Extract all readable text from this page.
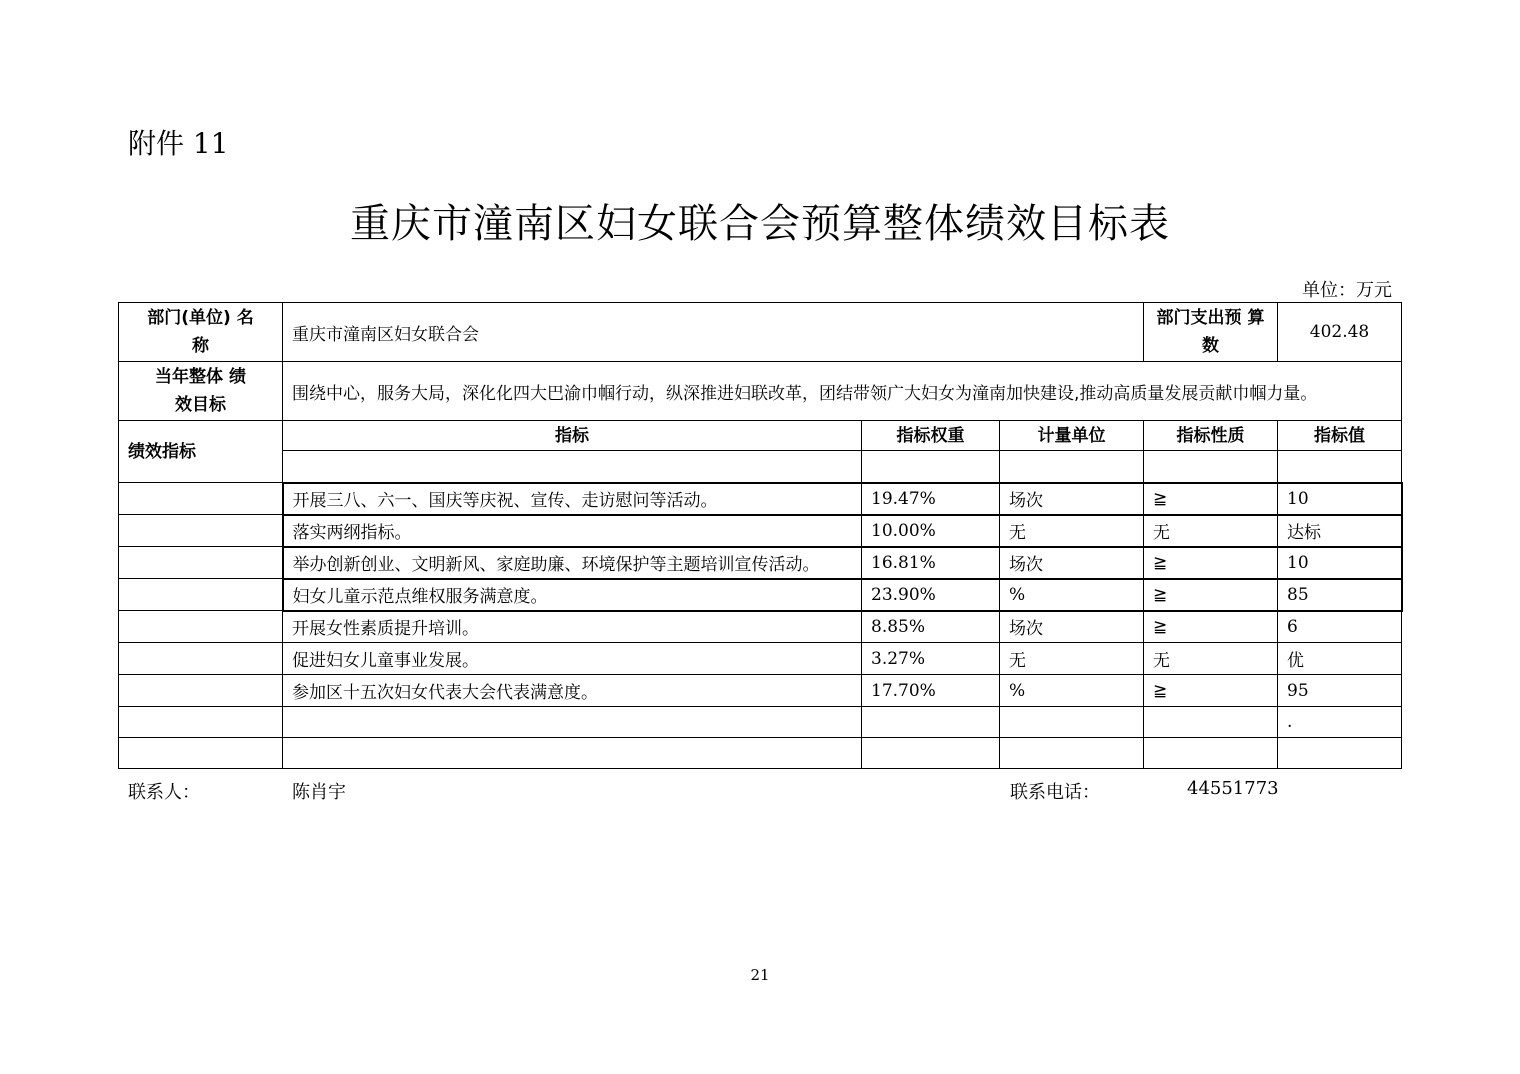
附件 11
重庆市潼南区妇女联合会预算整体绩效目标表
单位：万元
部门(单位) 名 称	重庆市潼南区妇女联合会			部门支出预 算数	402.48
当年整体 绩效目标	围绕中心，服务大局，深化化四大巴渝巾帼行动，纵深推进妇联改革，团结带领广大妇女为潼南加快建设,推动高质量发展贡献巾帼力量。				
绩效指标	指标	指标权重	计量单位	指标性质	指标值

	开展三八、六一、国庆等庆祝、宣传、走访慰问等活动。	19.47%	场次	≧	10
	落实两纲指标。	10.00%	无	无	达标
	举办创新创业、文明新风、家庭助廉、环境保护等主题培训宣传活动。	16.81%	场次	≧	10
	妇女儿童示范点维权服务满意度。	23.90%	%	≧	85
	开展女性素质提升培训。	8.85%	场次	≧	6
	促进妇女儿童事业发展。	3.27%	无	无	优
	参加区十五次妇女代表大会代表满意度。	17.70%	%	≧	95
					.

联系人：	陈肖宇	联系电话：	44551773
21
